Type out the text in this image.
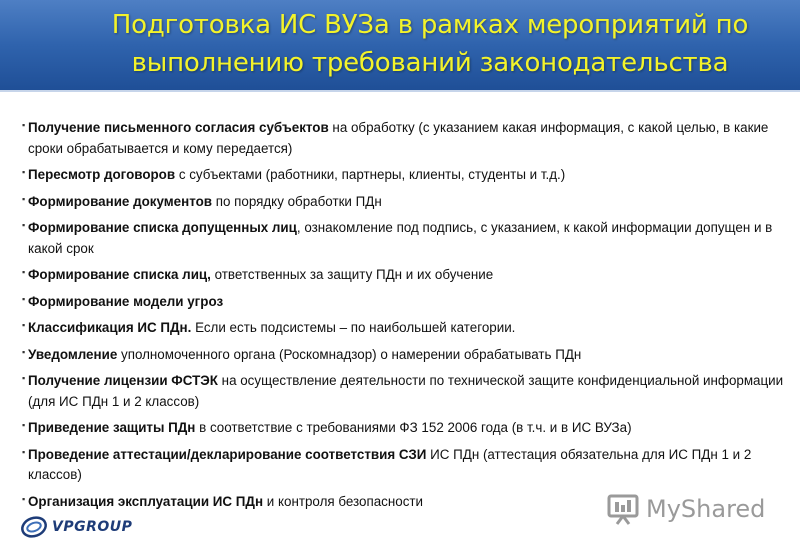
Подготовка ИС ВУЗа в рамках мероприятий по
выполнению требований законодательства
▪ Получение письменного согласия субъектов на обработку (с указанием какая информация, с какой целью, в какие сроки обрабатывается и кому передается)
▪ Пересмотр договоров с субъектами (работники, партнеры, клиенты, студенты и т.д.)
▪ Формирование документов по порядку обработки ПДн
▪ Формирование списка допущенных лиц, ознакомление под подпись, с указанием, к какой информации допущен и в какой срок
▪ Формирование списка лиц, ответственных за защиту ПДн и их обучение
▪ Формирование модели угроз
▪ Классификация ИС ПДн. Если есть подсистемы – по наибольшей категории.
▪ Уведомление уполномоченного органа (Роскомнадзор) о намерении обрабатывать ПДн
▪ Получение лицензии ФСТЭК на осуществление деятельности по технической защите конфиденциальной информации (для ИС ПДн 1 и 2 классов)
▪ Приведение защиты ПДн в соответствие с требованиями ФЗ 152 2006 года (в т.ч. и в ИС ВУЗа)
▪ Проведение аттестации/декларирование соответствия СЗИ ИС ПДн (аттестация обязательна для ИС ПДн 1 и 2 классов)
▪ Организация эксплуатации ИС ПДн и контроля безопасности
VPGROUP
MyShared
